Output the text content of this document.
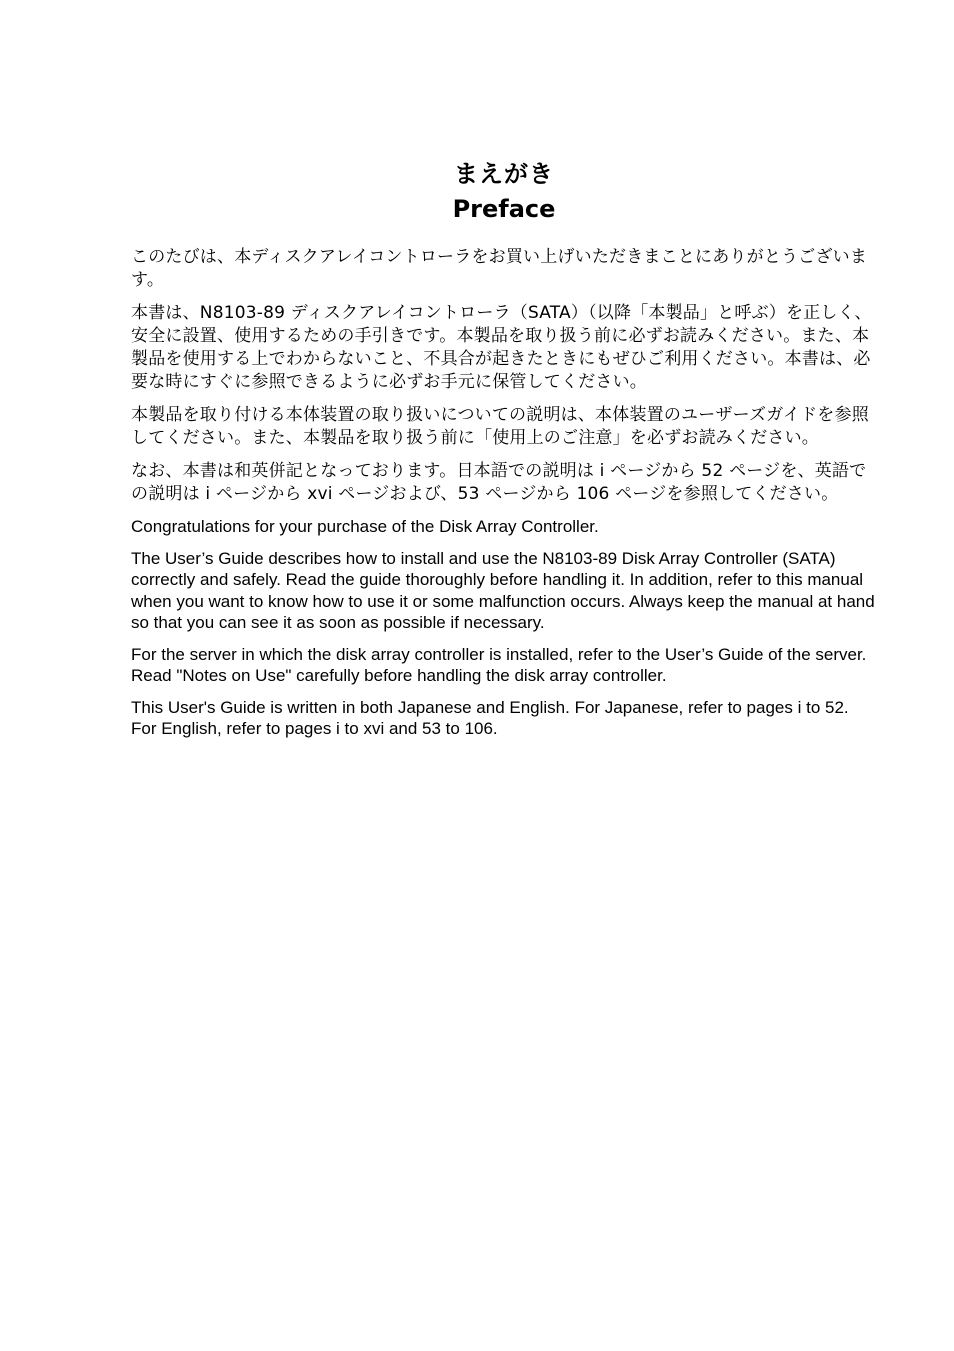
まえがき
Preface

このたびは、本ディスクアレイコントローラをお買い上げいただきまことにありがとうございます。

本書は、N8103-89 ディスクアレイコントローラ（SATA）（以降「本製品」と呼ぶ）を正しく、安全に設置、使用するための手引きです。本製品を取り扱う前に必ずお読みください。また、本製品を使用する上でわからないこと、不具合が起きたときにもぜひご利用ください。本書は、必要な時にすぐに参照できるように必ずお手元に保管してください。

本製品を取り付ける本体装置の取り扱いについての説明は、本体装置のユーザーズガイドを参照してください。また、本製品を取り扱う前に「使用上のご注意」を必ずお読みください。

なお、本書は和英併記となっております。日本語での説明は i ページから 52 ページを、英語での説明は i ページから xvi ページおよび、53 ページから 106 ページを参照してください。

Congratulations for your purchase of the Disk Array Controller.

The User’s Guide describes how to install and use the N8103-89 Disk Array Controller (SATA) correctly and safely. Read the guide thoroughly before handling it. In addition, refer to this manual when you want to know how to use it or some malfunction occurs. Always keep the manual at hand so that you can see it as soon as possible if necessary.

For the server in which the disk array controller is installed, refer to the User’s Guide of the server. Read "Notes on Use" carefully before handling the disk array controller.

This User's Guide is written in both Japanese and English. For Japanese, refer to pages i to 52. For English, refer to pages i to xvi and 53 to 106.
